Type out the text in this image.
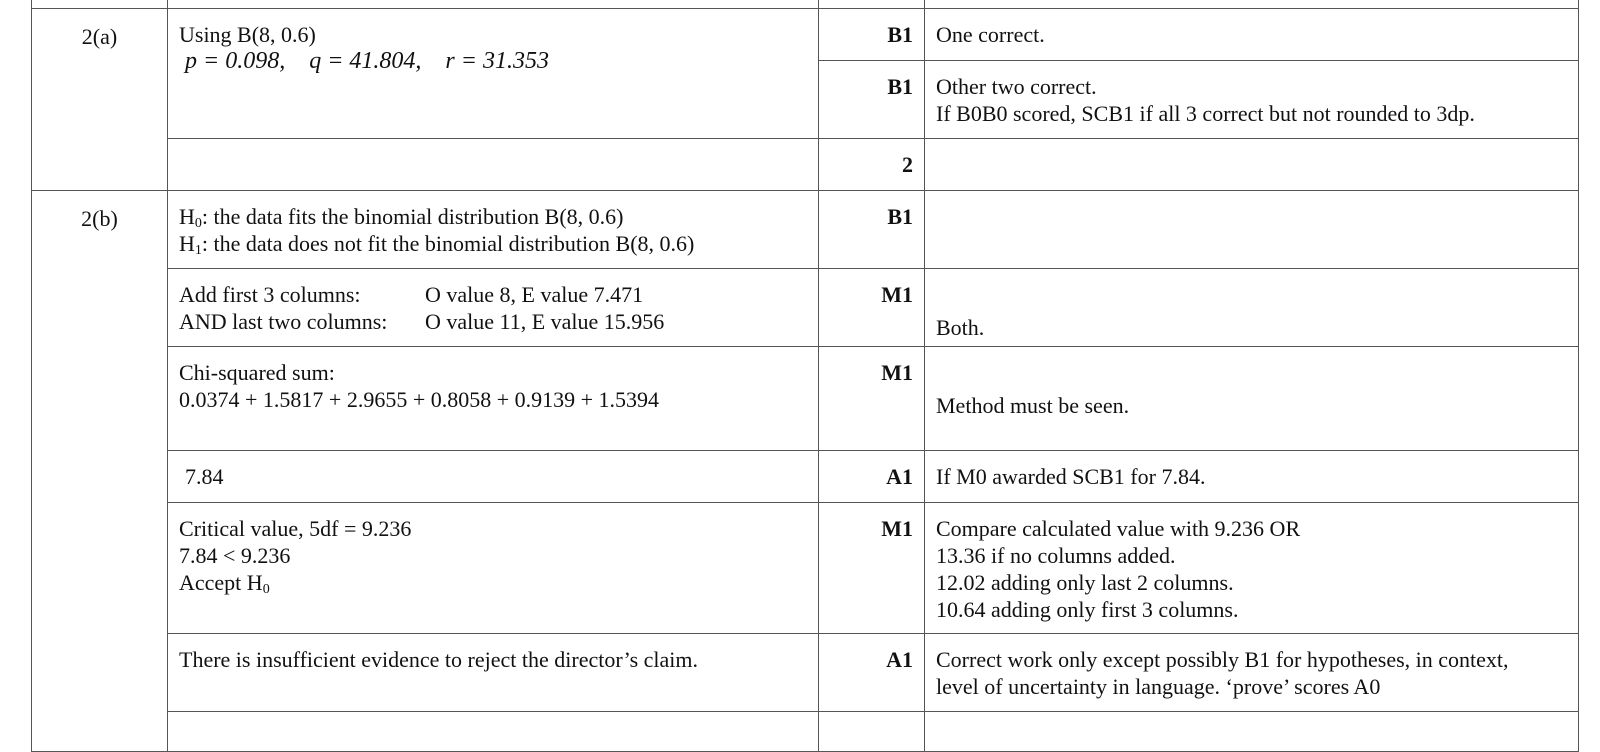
2(a)	Using B(8, 0.6)
p = 0.098, q = 41.804, r = 31.353	B1	One correct.
		B1	Other two correct.
If B0B0 scored, SCB1 if all 3 correct but not rounded to 3dp.

		2	
2(b)	$H_0$: the data fits the binomial distribution B(8, 0.6)
$H_1$: the data does not fit the binomial distribution B(8, 0.6)	B1	

	Add first 3 columns: O value 8, E value 7.471
AND last two columns: O value 11, E value 15.956	M1	Both.

	Chi-squared sum:
0.0374 + 1.5817 + 2.9655 + 0.8058 + 0.9139 + 1.5394	M1	Method must be seen.

	7.84	A1	If M0 awarded SCB1 for 7.84.

	Critical value, 5df = 9.236
7.84 < 9.236
Accept $H_0$	M1	Compare calculated value with 9.236 OR
13.36 if no columns added.
12.02 adding only last 2 columns.
10.64 adding only first 3 columns.

	There is insufficient evidence to reject the director’s claim.	A1	Correct work only except possibly B1 for hypotheses, in context,
level of uncertainty in language. ‘prove’ scores A0
